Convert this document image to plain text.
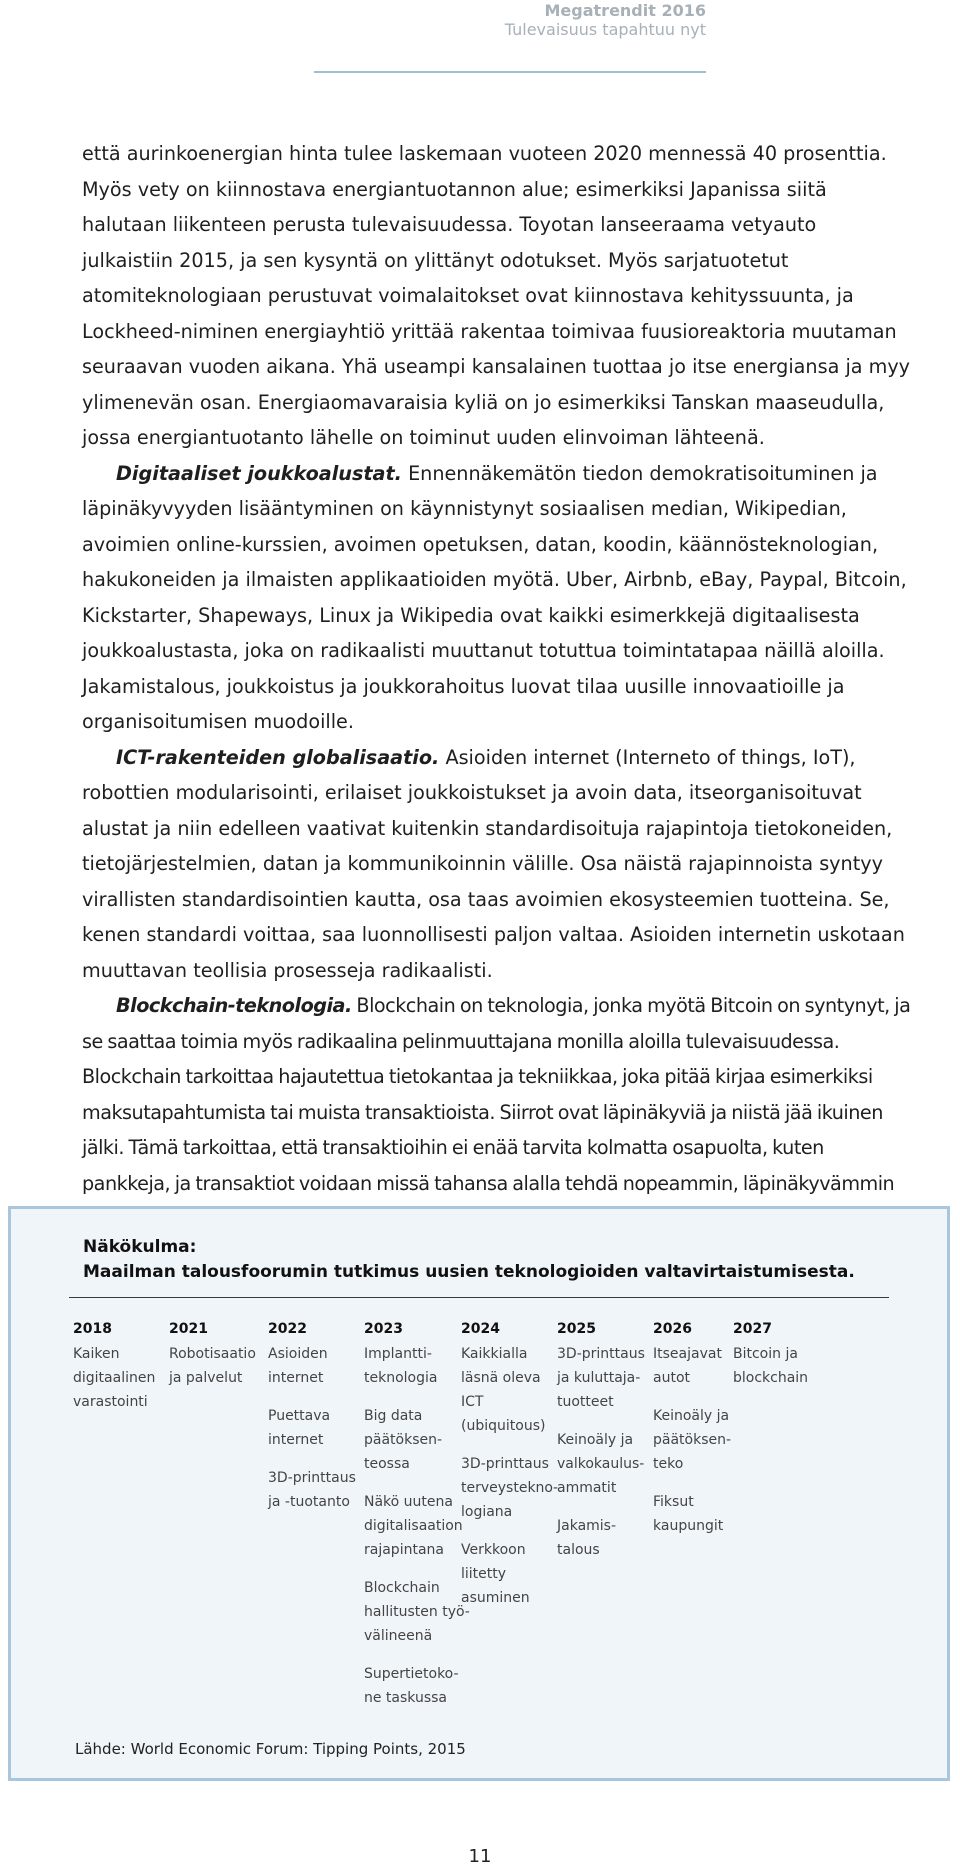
Megatrendit 2016
Tulevaisuus tapahtuu nyt

että aurinkoenergian hinta tulee laskemaan vuoteen 2020 mennessä 40 prosenttia. Myös vety on kiinnostava energiantuotannon alue; esimerkiksi Japanissa siitä halutaan liikenteen perusta tulevaisuudessa. Toyotan lanseeraama vetyauto julkaistiin 2015, ja sen kysyntä on ylittänyt odotukset. Myös sarjatuotetut atomiteknologiaan perustuvat voimalaitokset ovat kiinnostava kehityssuunta, ja Lockheed-niminen energiayhtiö yrittää rakentaa toimivaa fuusioreaktoria muutaman seuraavan vuoden aikana. Yhä useampi kansalainen tuottaa jo itse energiansa ja myy ylimenevän osan. Energiaomavaraisia kyliä on jo esimerkiksi Tanskan maaseudulla, jossa energiantuotanto lähelle on toiminut uuden elinvoiman lähteenä.

Digitaaliset joukkoalustat. Ennennäkemätön tiedon demokratisoituminen ja läpinäkyvyyden lisääntyminen on käynnistynyt sosiaalisen median, Wikipedian, avoimien online-kurssien, avoimen opetuksen, datan, koodin, käännösteknologian, hakukoneiden ja ilmaisten applikaatioiden myötä. Uber, Airbnb, eBay, Paypal, Bitcoin, Kickstarter, Shapeways, Linux ja Wikipedia ovat kaikki esimerkkejä digitaalisesta joukkoalustasta, joka on radikaalisti muuttanut totuttua toimintatapaa näillä aloilla. Jakamistalous, joukkoistus ja joukkorahoitus luovat tilaa uusille innovaatioille ja organisoitumisen muodoille.

ICT-rakenteiden globalisaatio. Asioiden internet (Interneto of things, IoT), robottien modularisointi, erilaiset joukkoistukset ja avoin data, itseorganisoituvat alustat ja niin edelleen vaativat kuitenkin standardisoituja rajapintoja tietokoneiden, tietojärjestelmien, datan ja kommunikoinnin välille. Osa näistä rajapinnoista syntyy virallisten standardisointien kautta, osa taas avoimien ekosysteemien tuotteina. Se, kenen standardi voittaa, saa luonnollisesti paljon valtaa. Asioiden internetin uskotaan muuttavan teollisia prosesseja radikaalisti.

Blockchain-teknologia. Blockchain on teknologia, jonka myötä Bitcoin on syntynyt, ja se saattaa toimia myös radikaalina pelinmuuttajana monilla aloilla tulevaisuudessa. Blockchain tarkoittaa hajautettua tietokantaa ja tekniikkaa, joka pitää kirjaa esimerkiksi maksutapahtumista tai muista transaktioista. Siirrot ovat läpinäkyviä ja niistä jää ikuinen jälki. Tämä tarkoittaa, että transaktioihin ei enää tarvita kolmatta osapuolta, kuten pankkeja, ja transaktiot voidaan missä tahansa alalla tehdä nopeammin, läpinäkyvämmin

Näkökulma:
Maailman talousfoorumin tutkimus uusien teknologioiden valtavirtaistumisesta.
2018
Kaiken
digitaalinen
varastointi
2021
Robotisaatio
ja palvelut
2022
Asioiden
internet
Puettava
internet
3D-printtaus
ja -tuotanto
2023
Implantti-
teknologia
Big data
päätöksen-
teossa
Näkö uutena
digitalisaation
rajapintana
Blockchain
hallitusten työ-
välineenä
Supertietoko-
ne taskussa
2024
Kaikkialla
läsnä oleva
ICT
(ubiquitous)
3D-printtaus
terveysteknо-
logiana
Verkkoon
liitetty
asuminen
2025
3D-printtaus
ja kuluttaja-
tuotteet
Keinoäly ja
valkokaulus-
ammatit
Jakamis-
talous
2026
Itseajavat
autot
Keinoäly ja
päätöksen-
teko
Fiksut
kaupungit
2027
Bitcoin ja
blockchain
Lähde: World Economic Forum: Tipping Points, 2015
11
